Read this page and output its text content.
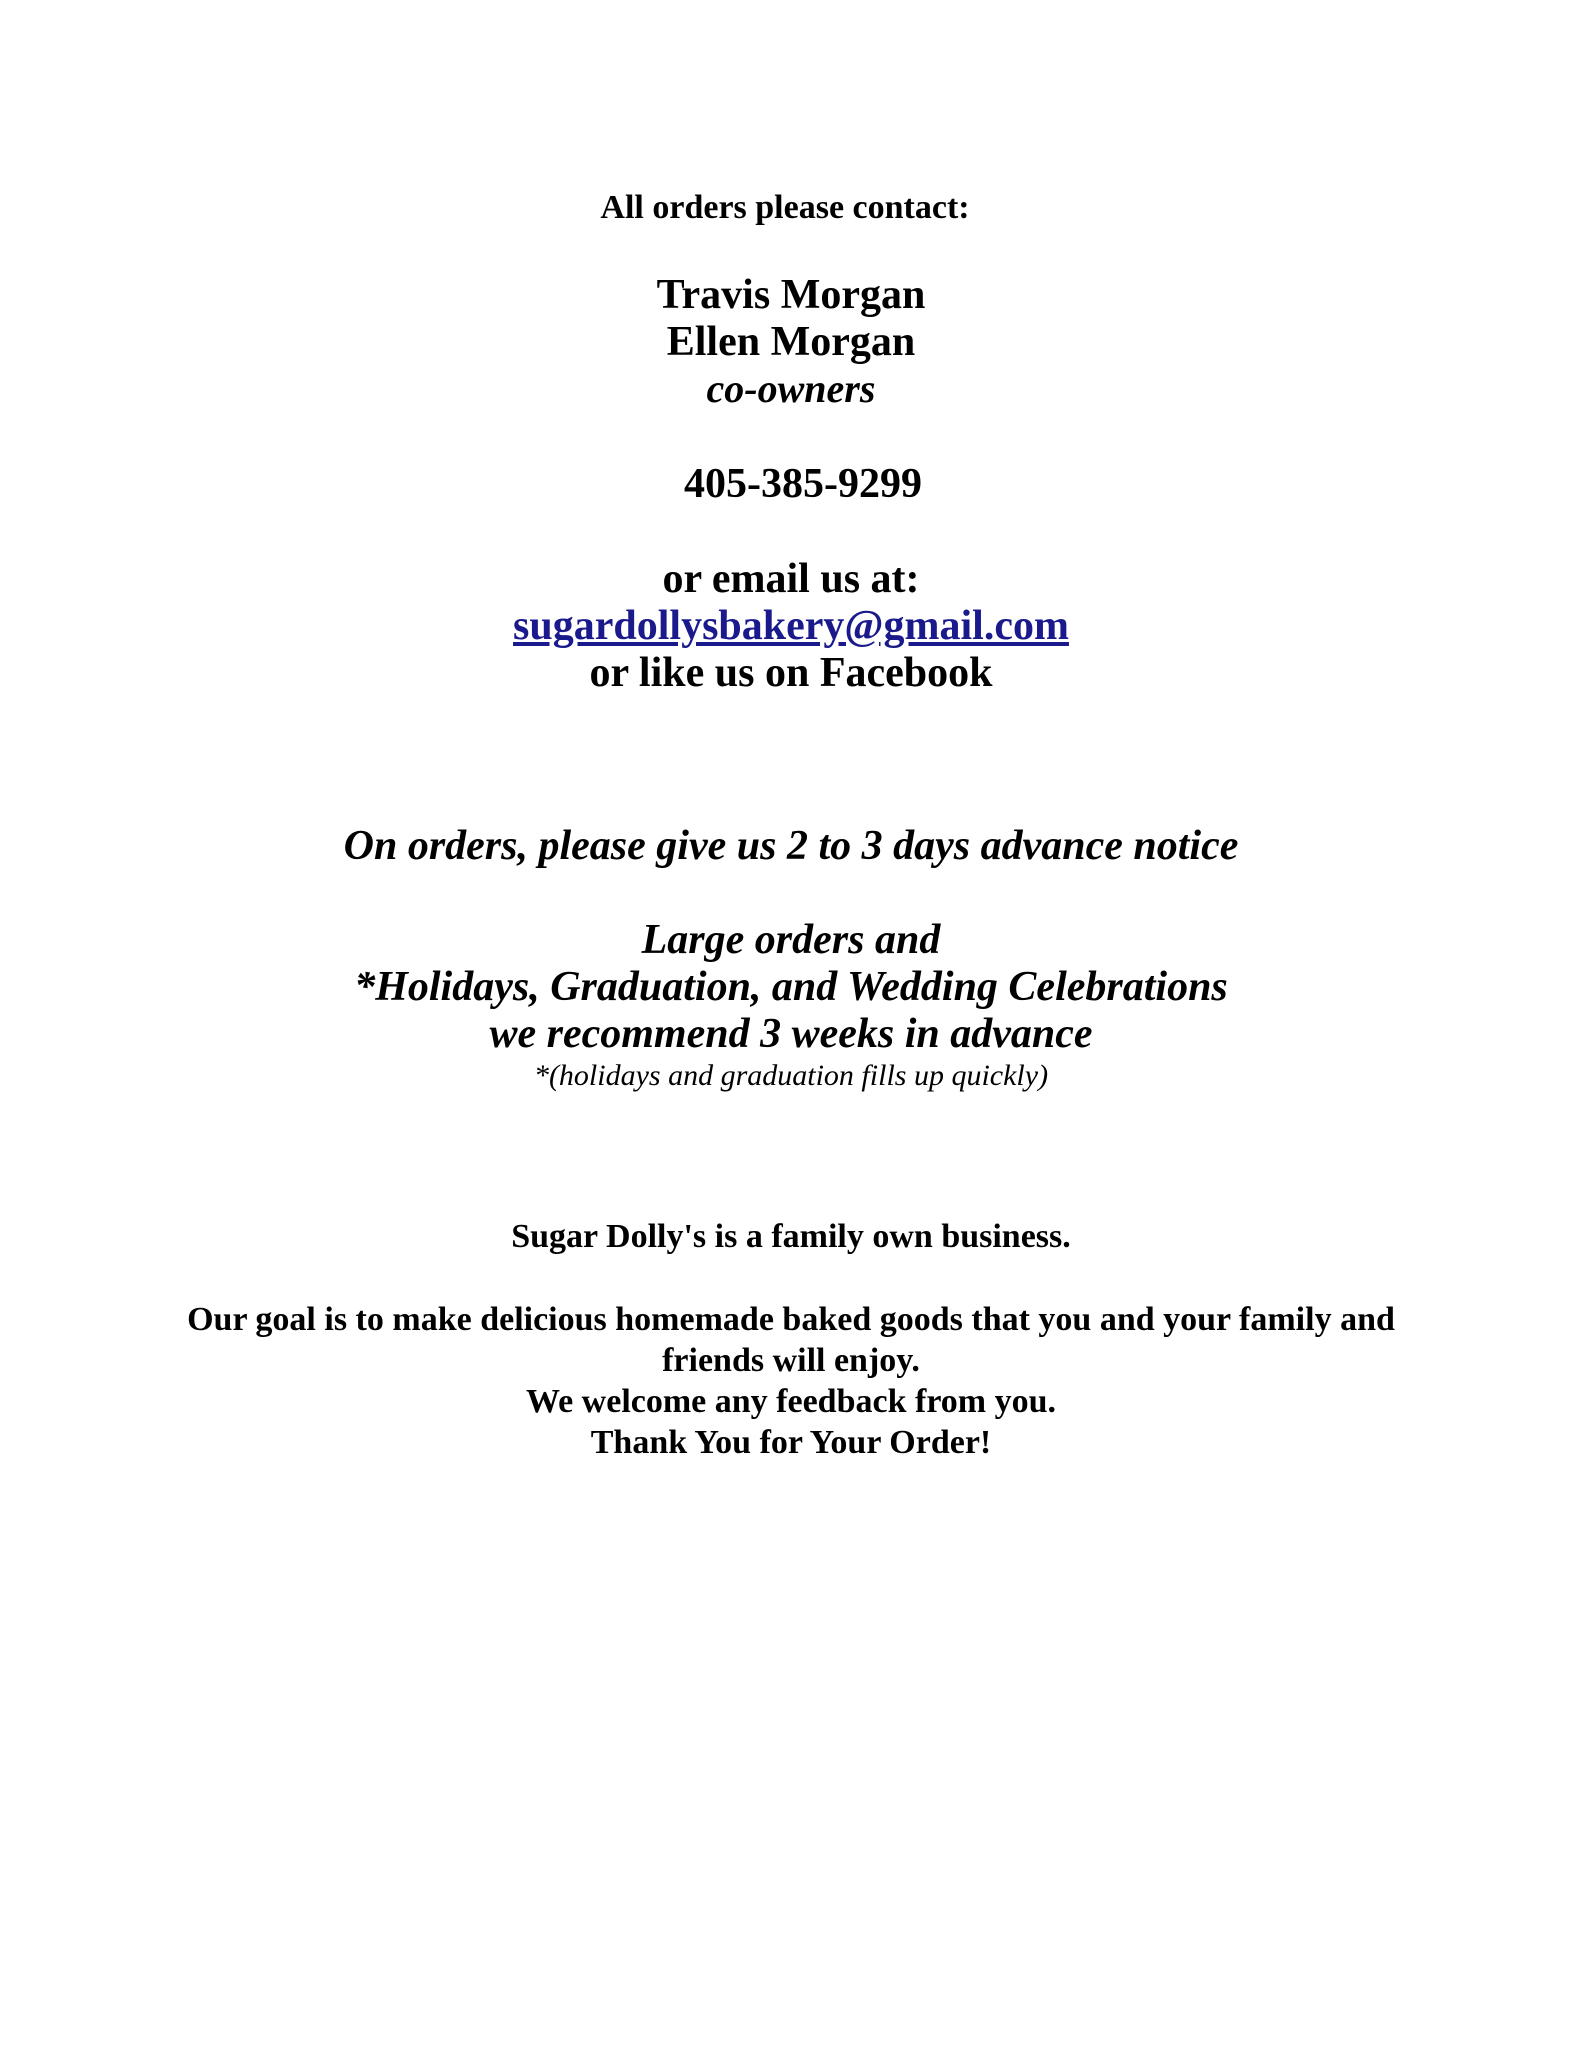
All orders please contact:
Travis Morgan
Ellen Morgan
co-owners
405-385-9299
or email us at:
sugardollysbakery@gmail.com
or like us on Facebook
On orders, please give us 2 to 3 days advance notice
Large orders and
*Holidays, Graduation, and Wedding Celebrations
we recommend 3 weeks in advance
*(holidays and graduation fills up quickly)
Sugar Dolly's is a family own business.
Our goal is to make delicious homemade baked goods that you and your family and
friends will enjoy.
We welcome any feedback from you.
Thank You for Your Order!
